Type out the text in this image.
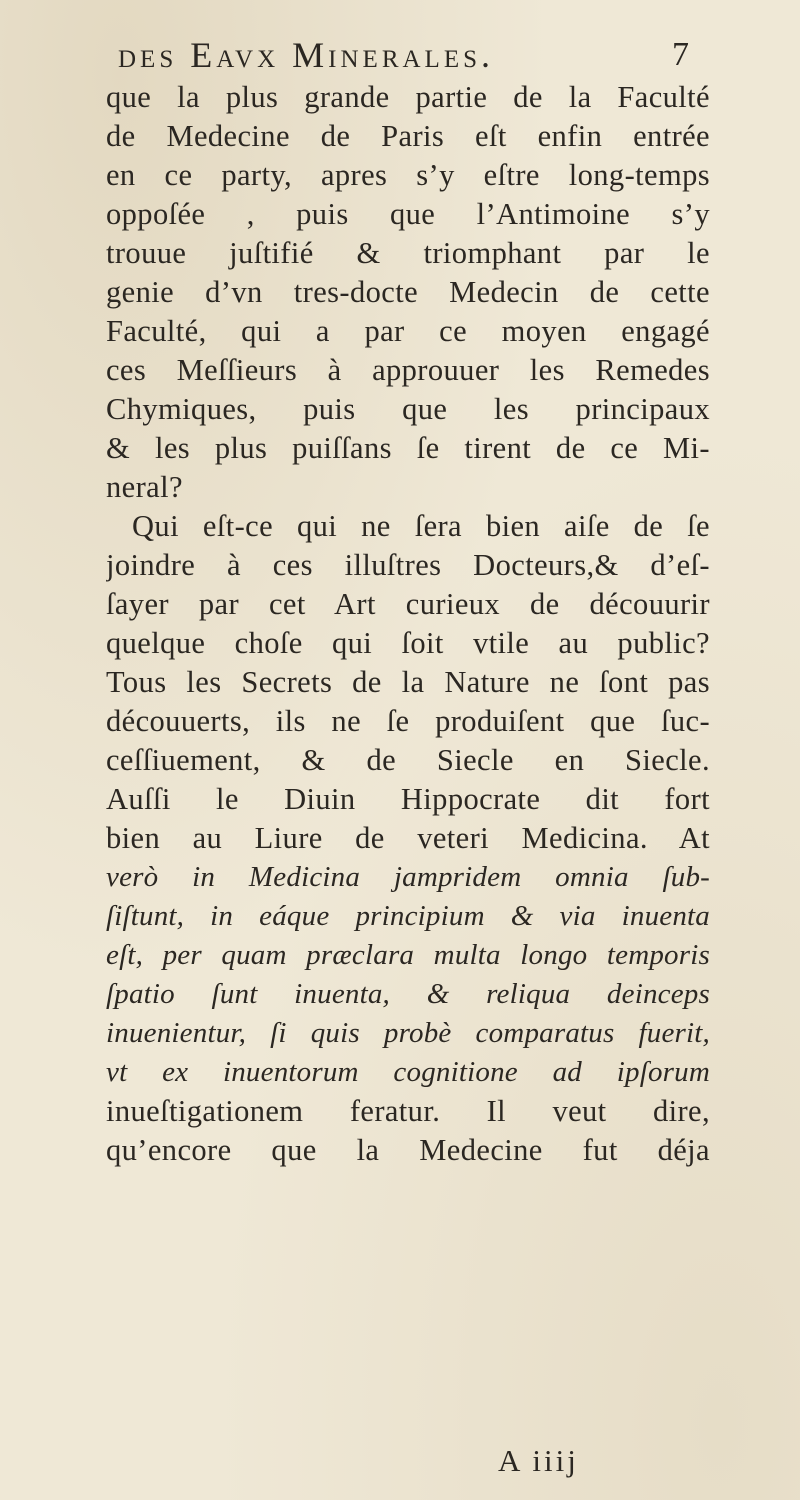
des Eavx Minerales.	7
que la plus grande partie de la Faculté
de Medecine de Paris eſt enfin entrée
en ce party, apres s’y eſtre long-temps
oppoſée , puis que l’Antimoine s’y
trouue juſtifié & triomphant par le
genie d’vn tres-docte Medecin de cette
Faculté, qui a par ce moyen engagé
ces Meſſieurs à approuuer les Remedes
Chymiques, puis que les principaux
& les plus puiſſans ſe tirent de ce Mi-
neral?
Qui eſt-ce qui ne ſera bien aiſe de ſe
joindre à ces illuſtres Docteurs,& d’eſ-
ſayer par cet Art curieux de découurir
quelque choſe qui ſoit vtile au public?
Tous les Secrets de la Nature ne ſont pas
découuerts, ils ne ſe produiſent que ſuc-
ceſſiuement, & de Siecle en Siecle.
Auſſi le Diuin Hippocrate dit fort
bien au Liure de veteri Medicina. At
verò in Medicina jampridem omnia ſub-
ſiſtunt, in eáque principium & via inuenta
eſt, per quam præclara multa longo temporis
ſpatio ſunt inuenta, & reliqua deinceps
inuenientur, ſi quis probè comparatus fuerit,
vt ex inuentorum cognitione ad ipſorum
inueſtigationem feratur. Il veut dire,
qu’encore que la Medecine fut déja
A iiij
